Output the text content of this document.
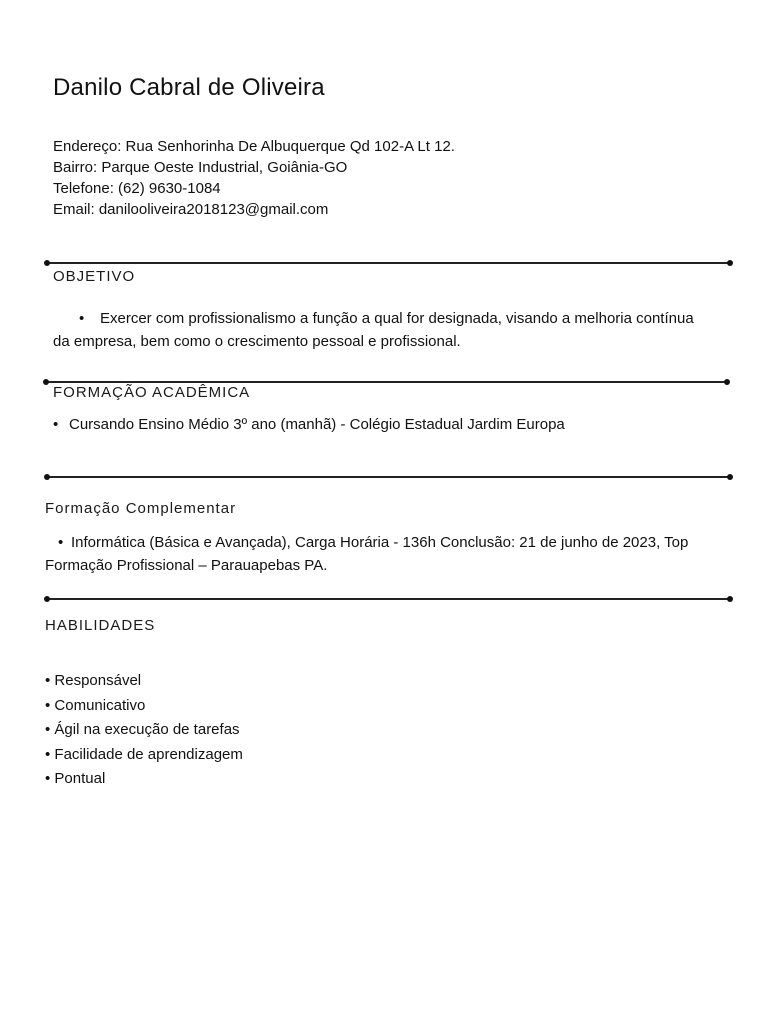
Danilo Cabral de Oliveira
Endereço: Rua Senhorinha De Albuquerque Qd 102-A Lt 12.
Bairro: Parque Oeste Industrial, Goiânia-GO
Telefone: (62) 9630-1084
Email: danilooliveira2018123@gmail.com
OBJETIVO
• Exercer com profissionalismo a função a qual for designada, visando a melhoria contínua
da empresa, bem como o crescimento pessoal e profissional.
FORMAÇÃO ACADÊMICA
• Cursando Ensino Médio 3º ano (manhã) - Colégio Estadual Jardim Europa
Formação Complementar
• Informática (Básica e Avançada), Carga Horária - 136h Conclusão: 21 de junho de 2023, Top
Formação Profissional – Parauapebas PA.
HABILIDADES
• Responsável
• Comunicativo
• Ágil na execução de tarefas
• Facilidade de aprendizagem
• Pontual
